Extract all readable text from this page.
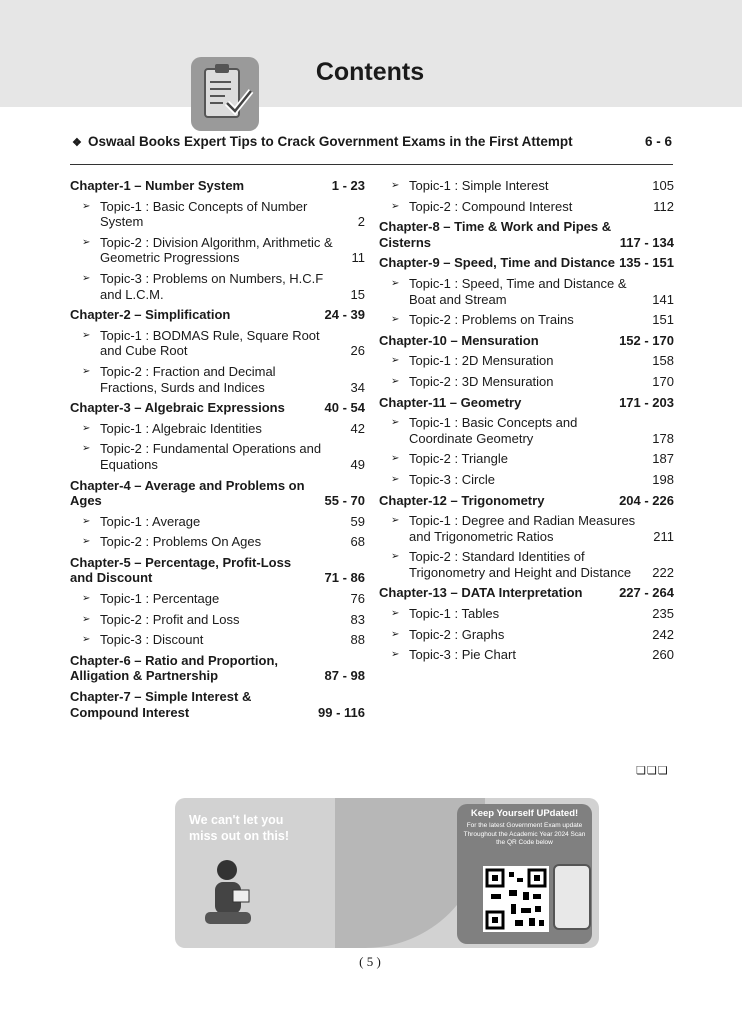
Contents
❖ Oswaal Books Expert Tips to Crack Government Exams in the First Attempt	6 - 6
Chapter-1 – Number System	1 - 23
➢ Topic-1 : Basic Concepts of Number System	2
➢ Topic-2 : Division Algorithm, Arithmetic & Geometric Progressions	11
➢ Topic-3 : Problems on Numbers, H.C.F and L.C.M.	15
Chapter-2 – Simplification	24 - 39
➢ Topic-1 : BODMAS Rule, Square Root and Cube Root	26
➢ Topic-2 : Fraction and Decimal Fractions, Surds and Indices	34
Chapter-3 – Algebraic Expressions	40 - 54
➢ Topic-1 : Algebraic Identities	42
➢ Topic-2 : Fundamental Operations and Equations	49
Chapter-4 – Average and Problems on Ages	55 - 70
➢ Topic-1 : Average	59
➢ Topic-2 : Problems On Ages	68
Chapter-5 – Percentage, Profit-Loss and Discount	71 - 86
➢ Topic-1 : Percentage	76
➢ Topic-2 : Profit and Loss	83
➢ Topic-3 : Discount	88
Chapter-6 – Ratio and Proportion, Alligation & Partnership	87 - 98
Chapter-7 – Simple Interest & Compound Interest	99 - 116
➢ Topic-1 : Simple Interest	105
➢ Topic-2 : Compound Interest	112
Chapter-8 – Time & Work and Pipes & Cisterns	117 - 134
Chapter-9 – Speed, Time and Distance 135 - 151
➢ Topic-1 : Speed, Time and Distance & Boat and Stream	141
➢ Topic-2 : Problems on Trains	151
Chapter-10 – Mensuration	152 - 170
➢ Topic-1 : 2D Mensuration	158
➢ Topic-2 : 3D Mensuration	170
Chapter-11 – Geometry	171 - 203
➢ Topic-1 : Basic Concepts and Coordinate Geometry	178
➢ Topic-2 : Triangle	187
➢ Topic-3 : Circle	198
Chapter-12 – Trigonometry	204 - 226
➢ Topic-1 : Degree and Radian Measures and Trigonometric Ratios	211
➢ Topic-2 : Standard Identities of Trigonometry and Height and Distance 222
Chapter-13 – DATA Interpretation	227 - 264
➢ Topic-1 : Tables	235
➢ Topic-2 : Graphs	242
➢ Topic-3 : Pie Chart	260
❏❏❏
We can't let you miss out on this!
Keep Yourself UPdated!
For the latest Government Exam update Throughout the Academic Year 2024 Scan the QR Code below
( 5 )
